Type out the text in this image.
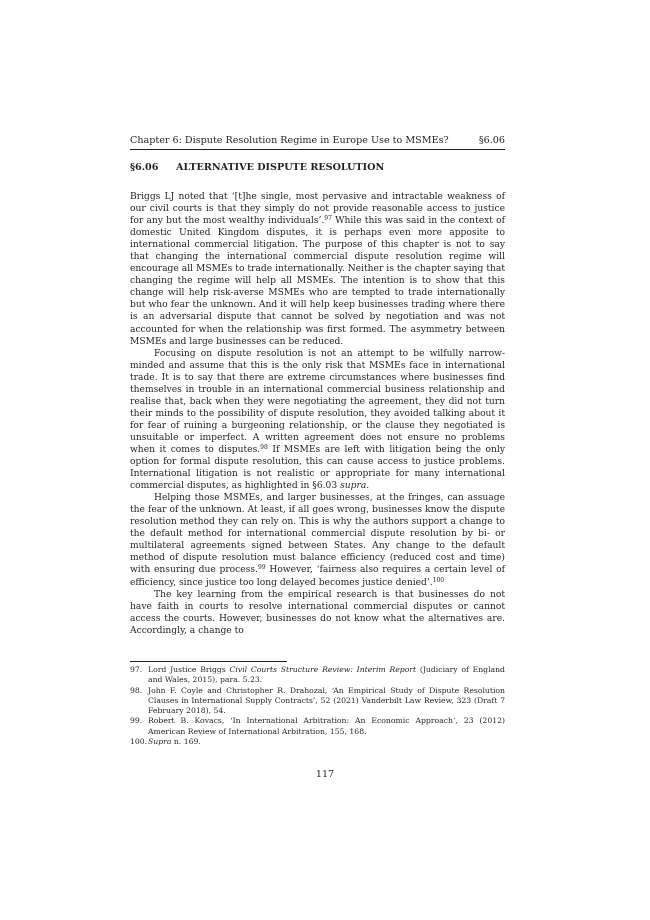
Chapter 6: Dispute Resolution Regime in Europe Use to MSMEs?	§6.06
§6.06 ALTERNATIVE DISPUTE RESOLUTION

Briggs LJ noted that ‘[t]he single, most pervasive and intractable weakness of our civil courts is that they simply do not provide reasonable access to justice for any but the most wealthy individuals’.$^{97}$ While this was said in the context of domestic United Kingdom disputes, it is perhaps even more apposite to international commercial litigation. The purpose of this chapter is not to say that changing the international commercial dispute resolution regime will encourage all MSMEs to trade internationally. Neither is the chapter saying that changing the regime will help all MSMEs. The intention is to show that this change will help risk-averse MSMEs who are tempted to trade internationally but who fear the unknown. And it will help keep businesses trading where there is an adversarial dispute that cannot be solved by negotiation and was not accounted for when the relationship was first formed. The asymmetry between MSMEs and large businesses can be reduced.

Focusing on dispute resolution is not an attempt to be wilfully narrow-minded and assume that this is the only risk that MSMEs face in international trade. It is to say that there are extreme circumstances where businesses find themselves in trouble in an international commercial business relationship and realise that, back when they were negotiating the agreement, they did not turn their minds to the possibility of dispute resolution, they avoided talking about it for fear of ruining a burgeoning relationship, or the clause they negotiated is unsuitable or imperfect. A written agreement does not ensure no problems when it comes to disputes.$^{98}$ If MSMEs are left with litigation being the only option for formal dispute resolution, this can cause access to justice problems. International litigation is not realistic or appropriate for many international commercial disputes, as highlighted in §6.03 supra.

Helping those MSMEs, and larger businesses, at the fringes, can assuage the fear of the unknown. At least, if all goes wrong, businesses know the dispute resolution method they can rely on. This is why the authors support a change to the default method for international commercial dispute resolution by bi- or multilateral agreements signed between States. Any change to the default method of dispute resolution must balance efficiency (reduced cost and time) with ensuring due process.$^{99}$ However, ‘fairness also requires a certain level of efficiency, since justice too long delayed becomes justice denied’.$^{100}$

The key learning from the empirical research is that businesses do not have faith in courts to resolve international commercial disputes or cannot access the courts. However, businesses do not know what the alternatives are. Accordingly, a change to

97. Lord Justice Briggs Civil Courts Structure Review: Interim Report (Judiciary of England and Wales, 2015), para. 5.23.
98. John F. Coyle and Christopher R. Drahozal, ‘An Empirical Study of Dispute Resolution Clauses in International Supply Contracts’, 52 (2021) Vanderbilt Law Review, 323 (Draft 7 February 2018), 54.
99. Robert B. Kovacs, ‘In International Arbitration: An Economic Approach’, 23 (2012) American Review of International Arbitration, 155, 168.
100. Supra n. 169.
117
